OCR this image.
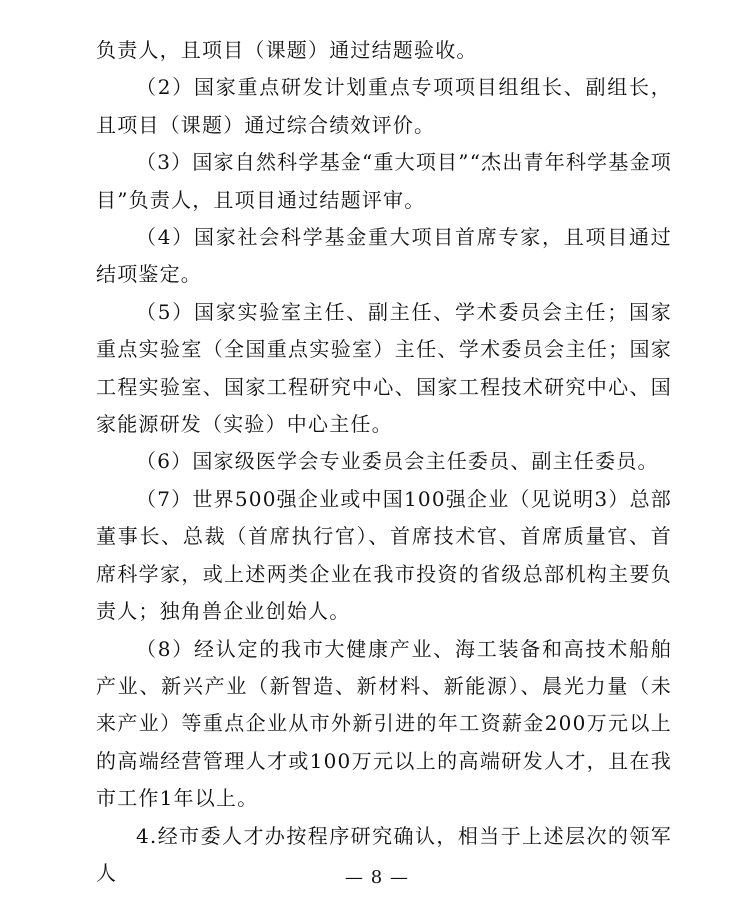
负责人，且项目（课题）通过结题验收。

（2）国家重点研发计划重点专项项目组组长、副组长，且项目（课题）通过综合绩效评价。

（3）国家自然科学基金“重大项目”“杰出青年科学基金项目”负责人，且项目通过结题评审。

（4）国家社会科学基金重大项目首席专家，且项目通过结项鉴定。

（5）国家实验室主任、副主任、学术委员会主任；国家重点实验室（全国重点实验室）主任、学术委员会主任；国家工程实验室、国家工程研究中心、国家工程技术研究中心、国家能源研发（实验）中心主任。

（6）国家级医学会专业委员会主任委员、副主任委员。

（7）世界500强企业或中国100强企业（见说明3）总部董事长、总裁（首席执行官）、首席技术官、首席质量官、首席科学家，或上述两类企业在我市投资的省级总部机构主要负责人；独角兽企业创始人。

（8）经认定的我市大健康产业、海工装备和高技术船舶产业、新兴产业（新智造、新材料、新能源）、晨光力量（未来产业）等重点企业从市外新引进的年工资薪金200万元以上的高端经营管理人才或100万元以上的高端研发人才，且在我市工作1年以上。

4.经市委人才办按程序研究确认，相当于上述层次的领军人	— 8 —
